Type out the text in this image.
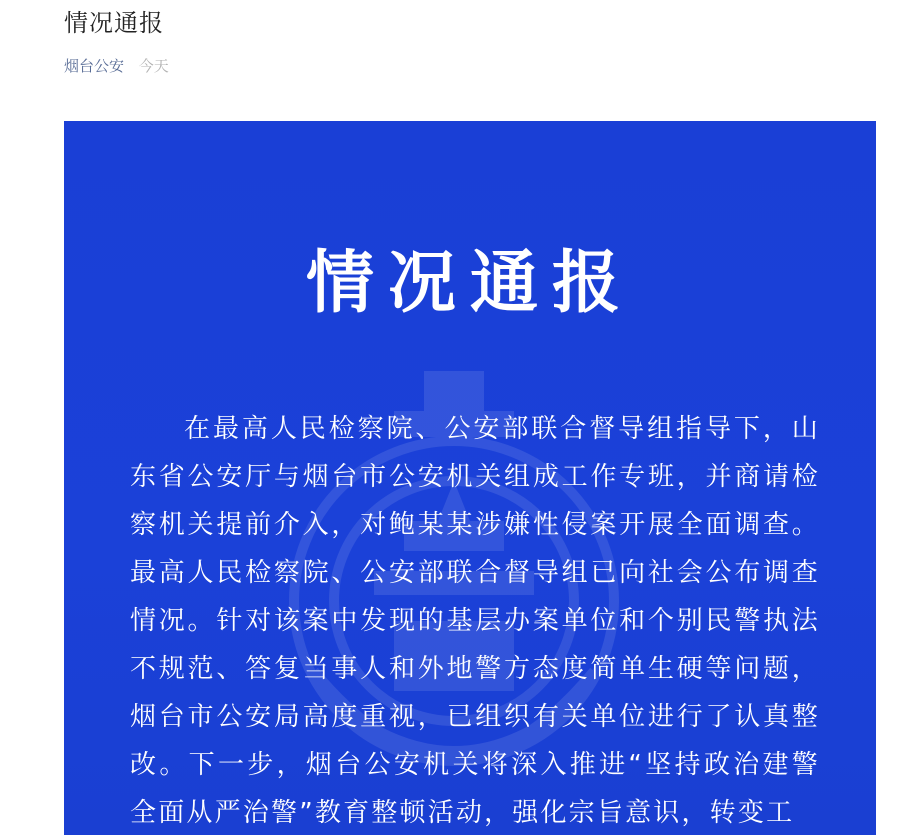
情况通报
烟台公安 今天
情况通报

在最高人民检察院、公安部联合督导组指导下，山东省公安厅与烟台市公安机关组成工作专班，并商请检察机关提前介入，对鲍某某涉嫌性侵案开展全面调查。最高人民检察院、公安部联合督导组已向社会公布调查情况。针对该案中发现的基层办案单位和个别民警执法不规范、答复当事人和外地警方态度简单生硬等问题，烟台市公安局高度重视，已组织有关单位进行了认真整改。下一步，烟台公安机关将深入推进“坚持政治建警全面从严治警”教育整顿活动，强化宗旨意识，转变工
